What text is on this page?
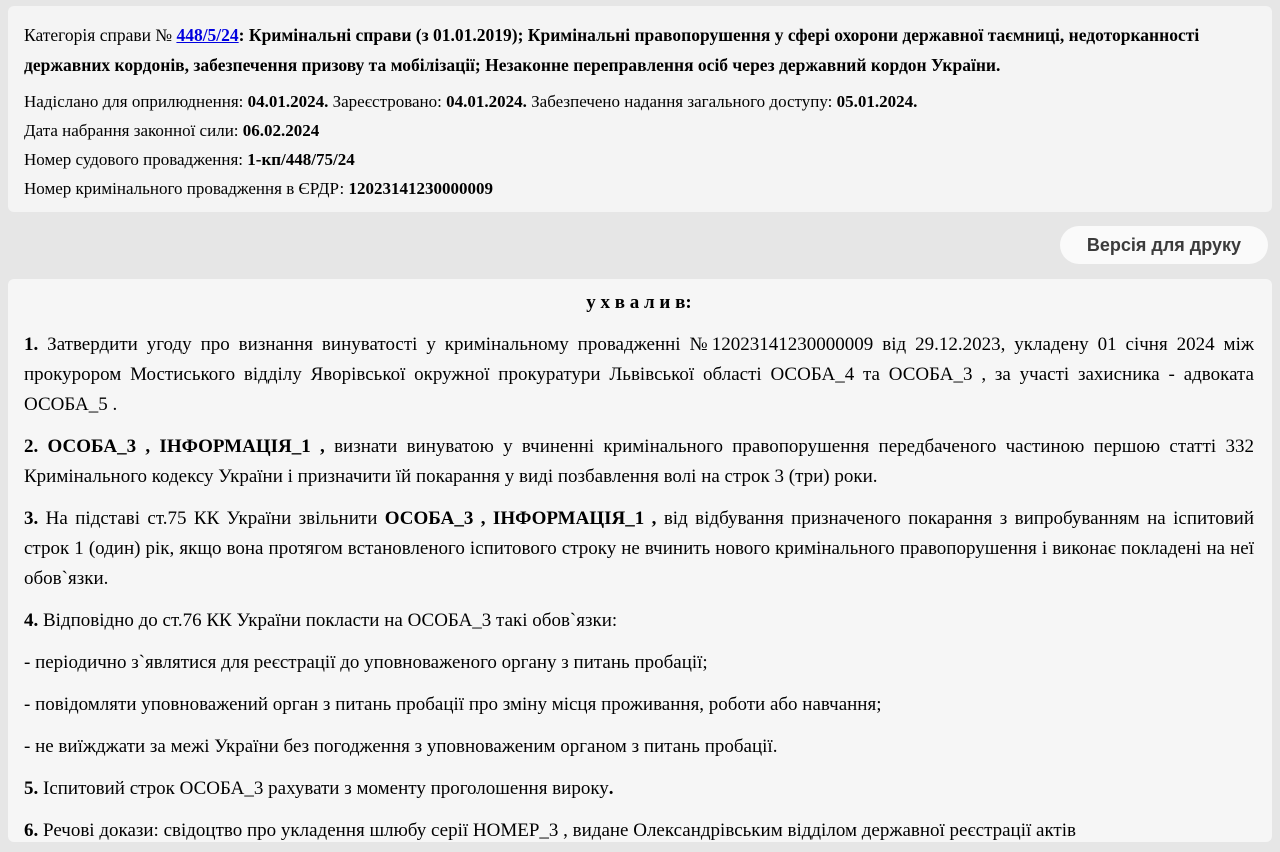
Категорія справи № 448/5/24: Кримінальні справи (з 01.01.2019); Кримінальні правопорушення у сфері охорони державної таємниці, недоторканності державних кордонів, забезпечення призову та мобілізації; Незаконне переправлення осіб через державний кордон України.

Надіслано для оприлюднення: 04.01.2024. Зареєстровано: 04.01.2024. Забезпечено надання загального доступу: 05.01.2024.

Дата набрання законної сили: 06.02.2024

Номер судового провадження: 1-кп/448/75/24

Номер кримінального провадження в ЄРДР: 12023141230000009

Версія для друку
у х в а л и в:

1. Затвердити угоду про визнання винуватості у кримінальному провадженні №12023141230000009 від 29.12.2023, укладену 01 січня 2024 між прокурором Мостиського відділу Яворівської окружної прокуратури Львівської області ОСОБА_4 та ОСОБА_3 , за участі захисника - адвоката ОСОБА_5 .

2. ОСОБА_3 , ІНФОРМАЦІЯ_1 , визнати винуватою у вчиненні кримінального правопорушення передбаченого частиною першою статті 332 Кримінального кодексу України і призначити їй покарання у виді позбавлення волі на строк 3 (три) роки.

3. На підставі ст.75 КК України звільнити ОСОБА_3 , ІНФОРМАЦІЯ_1 , від відбування призначеного покарання з випробуванням на іспитовий строк 1 (один) рік, якщо вона протягом встановленого іспитового строку не вчинить нового кримінального правопорушення і виконає покладені на неї обов`язки.

4. Відповідно до ст.76 КК України покласти на ОСОБА_3 такі обов`язки:

- періодично з`являтися для реєстрації до уповноваженого органу з питань пробації;

- повідомляти уповноважений орган з питань пробації про зміну місця проживання, роботи або навчання;

- не виїжджати за межі України без погодження з уповноваженим органом з питань пробації.

5. Іспитовий строк ОСОБА_3 рахувати з моменту проголошення вироку.

6. Речові докази: свідоцтво про укладення шлюбу серії НОМЕР_3 , видане Олександрівським відділом державної реєстрації актів
